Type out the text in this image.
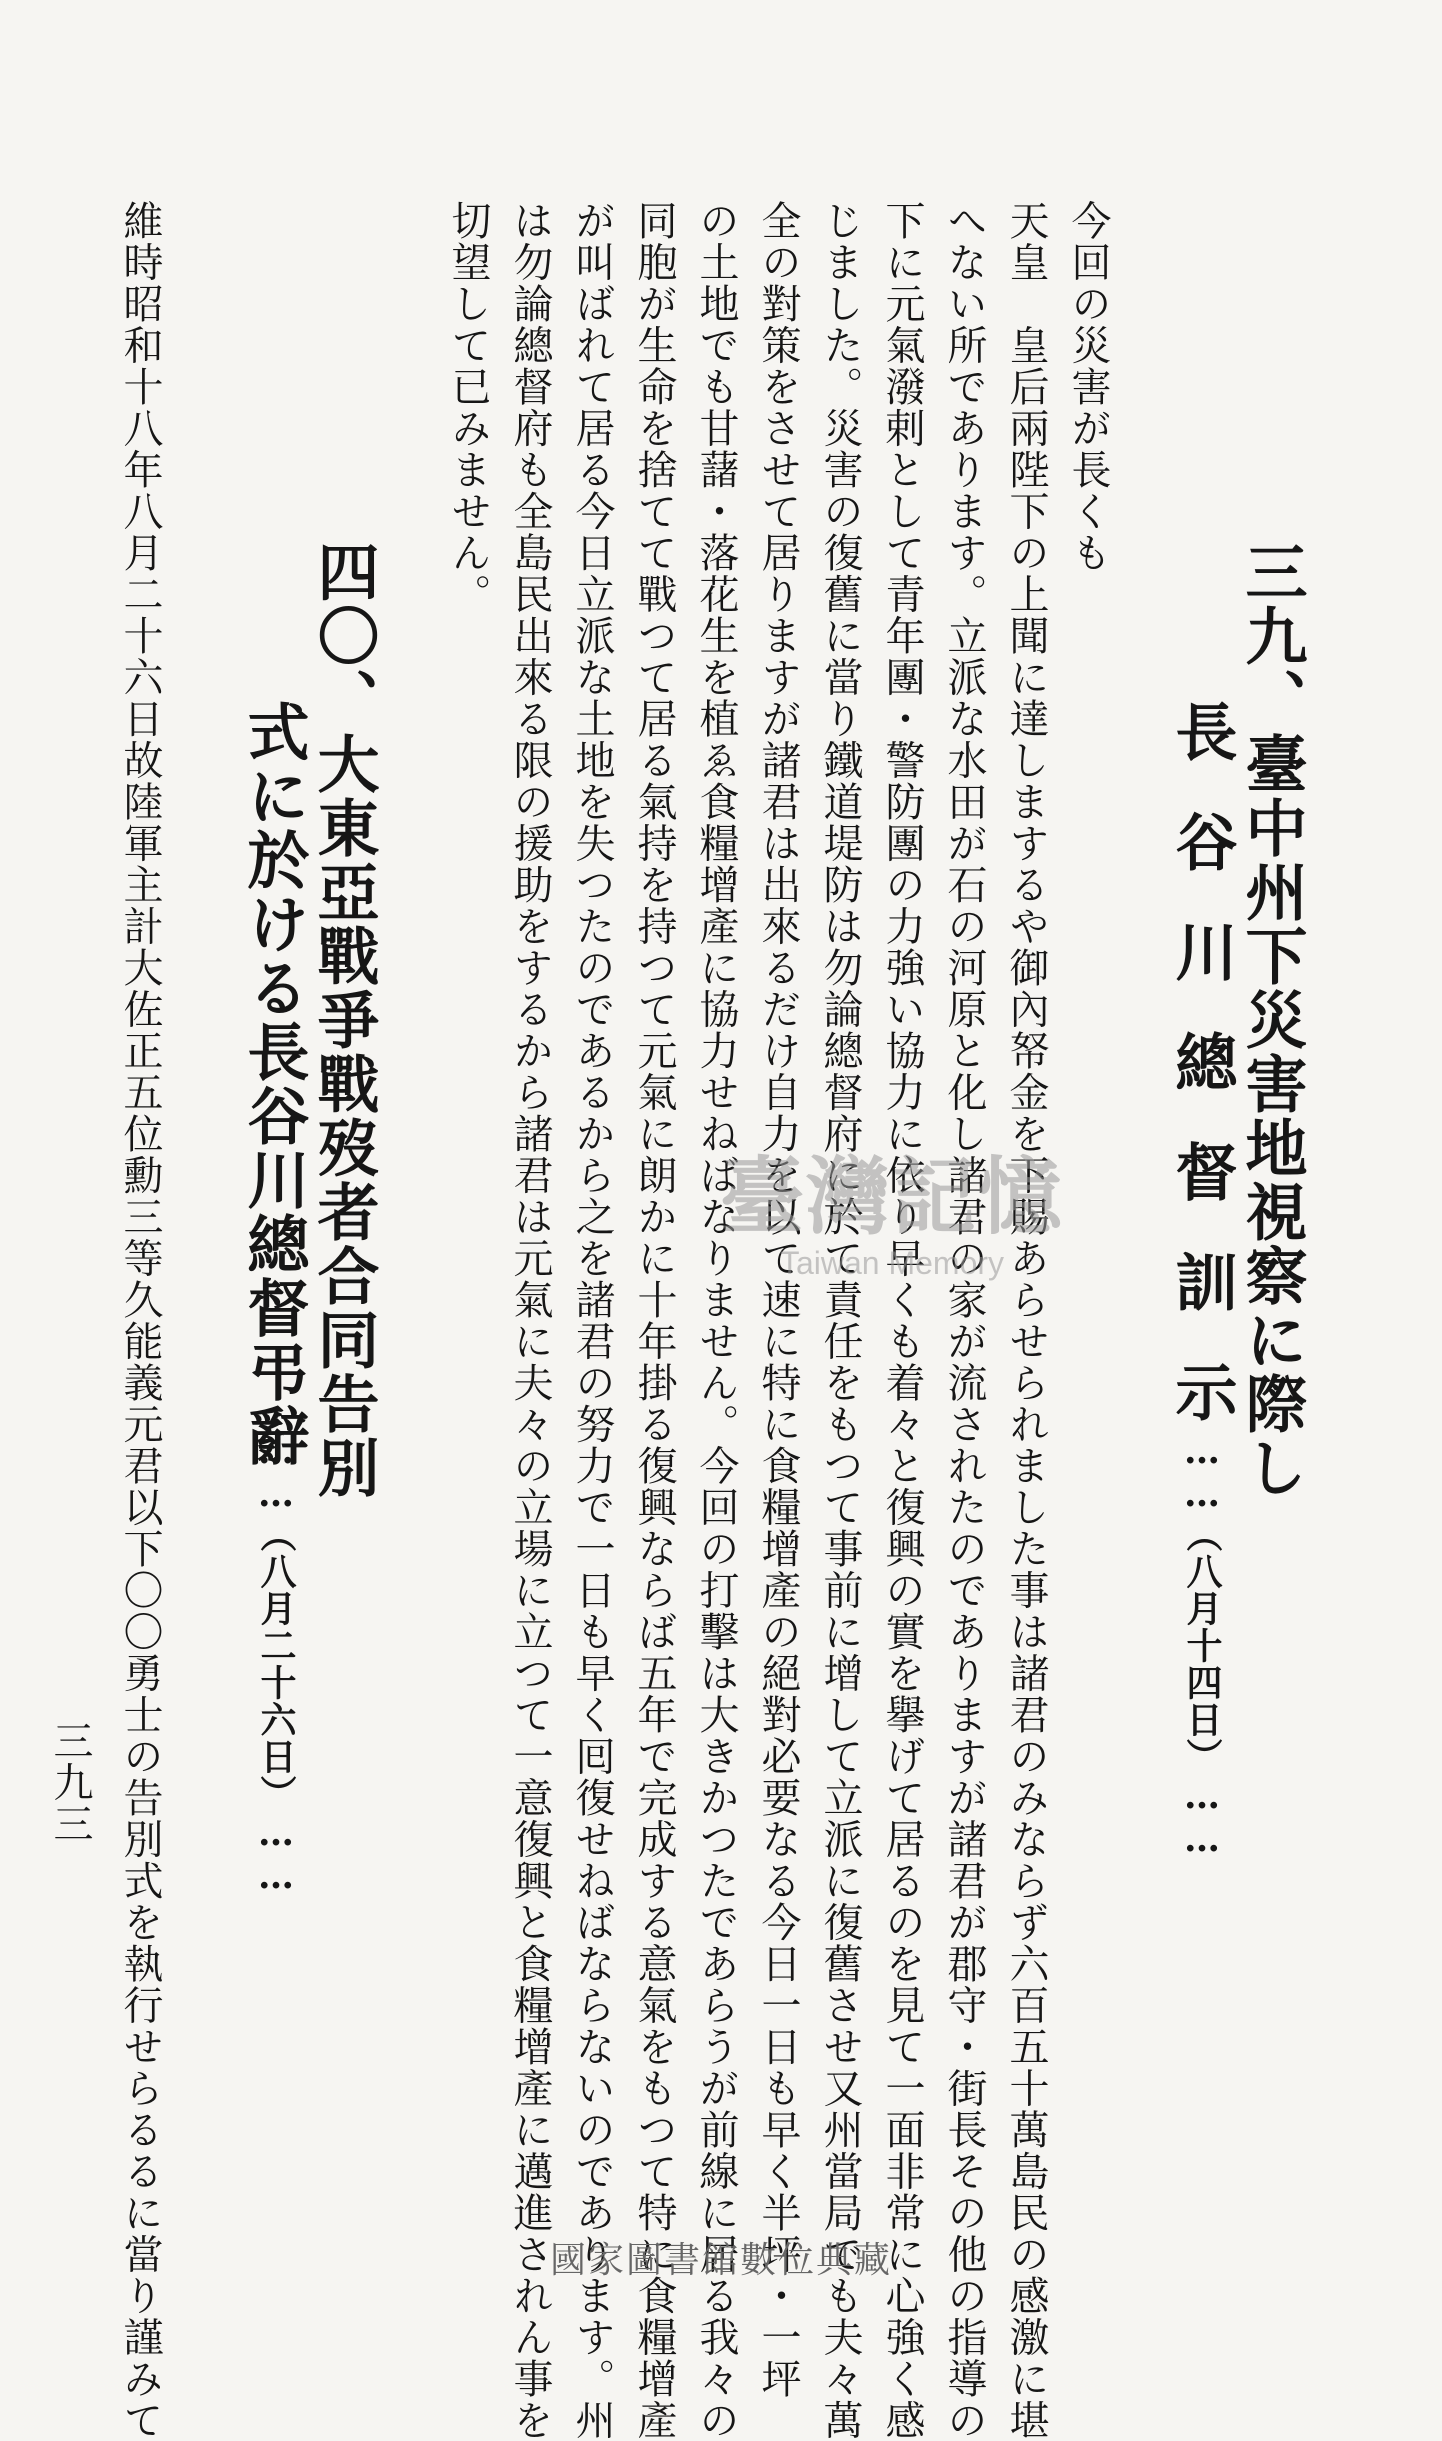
三九、臺中州下災害地視察に際し
長谷川總督訓示
……（八月十四日）……
今回の災害が長くも
天皇　皇后兩陛下の上聞に達しまするや御內帑金を下賜あらせられました事は諸君のみならず六百五十萬島民の感激に堪
へない所であります。立派な水田が石の河原と化し諸君の家が流されたのでありますが諸君が郡守・街長その他の指導の
下に元氣潑剌として青年團・警防團の力強い協力に依り早くも着々と復興の實を擧げて居るのを見て一面非常に心強く感
じました。災害の復舊に當り鐵道堤防は勿論總督府に於て責任をもつて事前に增して立派に復舊させ又州當局でも夫々萬
全の對策をさせて居りますが諸君は出來るだけ自力を以て速に特に食糧增產の絕對必要なる今日一日も早く半坪・一坪
の土地でも甘藷・落花生を植ゑ食糧增產に協力せねばなりません。今回の打擊は大きかつたであらうが前線に居る我々の
同胞が生命を捨てて戰つて居る氣持を持つて元氣に朗かに十年掛る復興ならば五年で完成する意氣をもつて特に食糧增產
が叫ばれて居る今日立派な土地を失つたのであるから之を諸君の努力で一日も早く囘復せねばならないのであります。州
は勿論總督府も全島民出來る限の援助をするから諸君は元氣に夫々の立場に立つて一意復興と食糧增產に邁進されん事を
切望して已みません。
四〇、大東亞戰爭戰歿者合同告別
式に於ける長谷川總督弔辭
……（八月二十六日）……
維時昭和十八年八月二十六日故陸軍主計大佐正五位勳三等久能義元君以下〇〇勇士の告別式を執行せらるるに當り謹みて
三九三
臺灣記憶
Taiwan Memory
國家圖書館數位典藏
